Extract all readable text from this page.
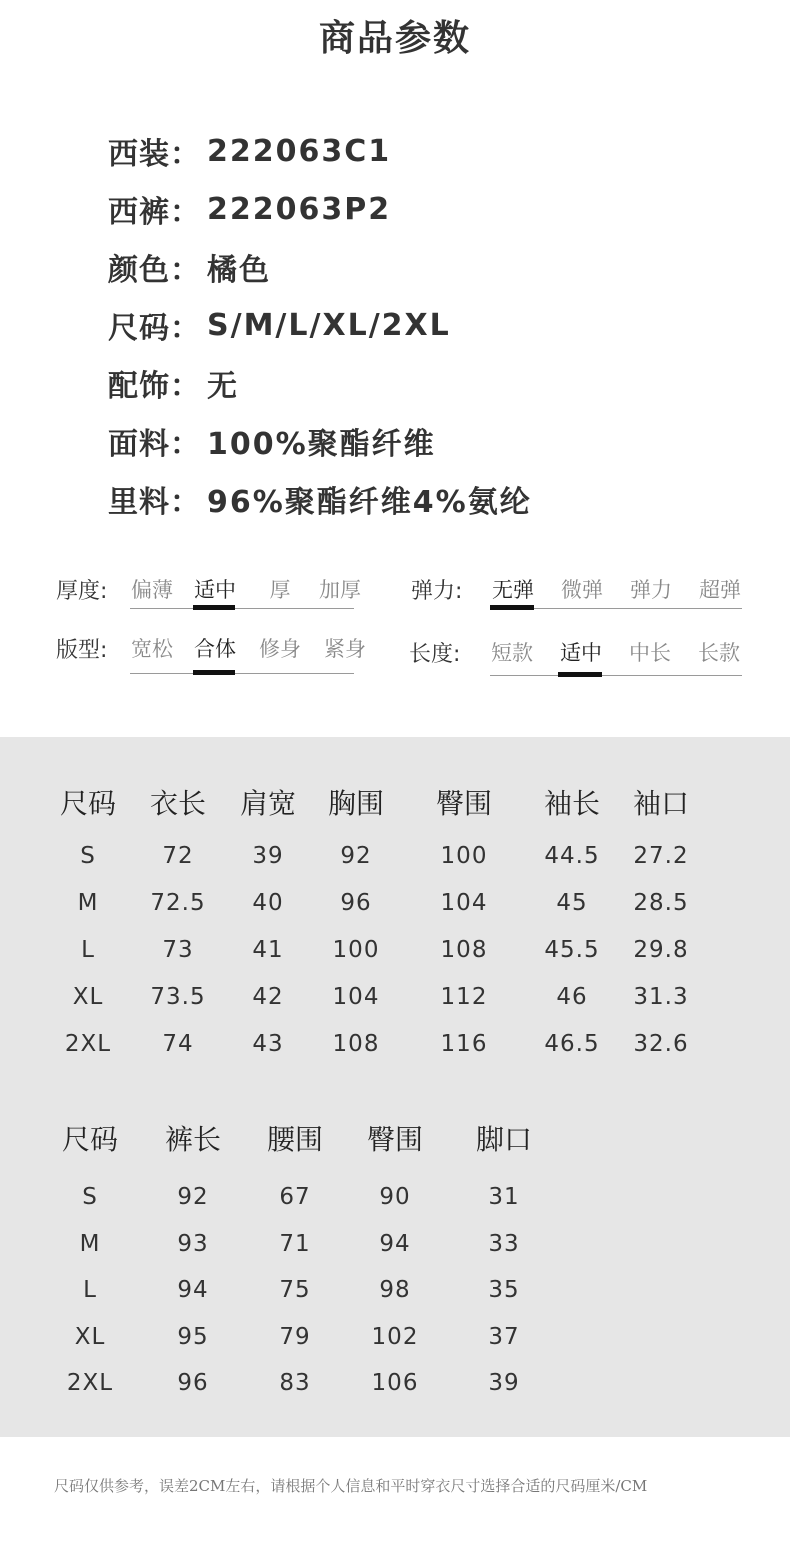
商品参数
西装： 222063C1
西裤： 222063P2
颜色： 橘色
尺码： S/M/L/XL/2XL
配饰： 无
面料： 100%聚酯纤维
里料： 96%聚酯纤维4%氨纶
厚度: 偏薄 适中 厚 加厚 弹力: 无弹 微弹 弹力 超弹
版型: 宽松 合体 修身 紧身 长度: 短款 适中 中长 长款
尺码	衣长	肩宽	胸围	臀围	袖长	袖口
S	72	39	92	100	44.5	27.2
M	72.5	40	96	104	45	28.5
L	73	41	100	108	45.5	29.8
XL	73.5	42	104	112	46	31.3
2XL	74	43	108	116	46.5	32.6
尺码	裤长	腰围	臀围	脚口
S	92	67	90	31
M	93	71	94	33
L	94	75	98	35
XL	95	79	102	37
2XL	96	83	106	39
尺码仅供参考，误差2CM左右，请根据个人信息和平时穿衣尺寸选择合适的尺码厘米/CM
